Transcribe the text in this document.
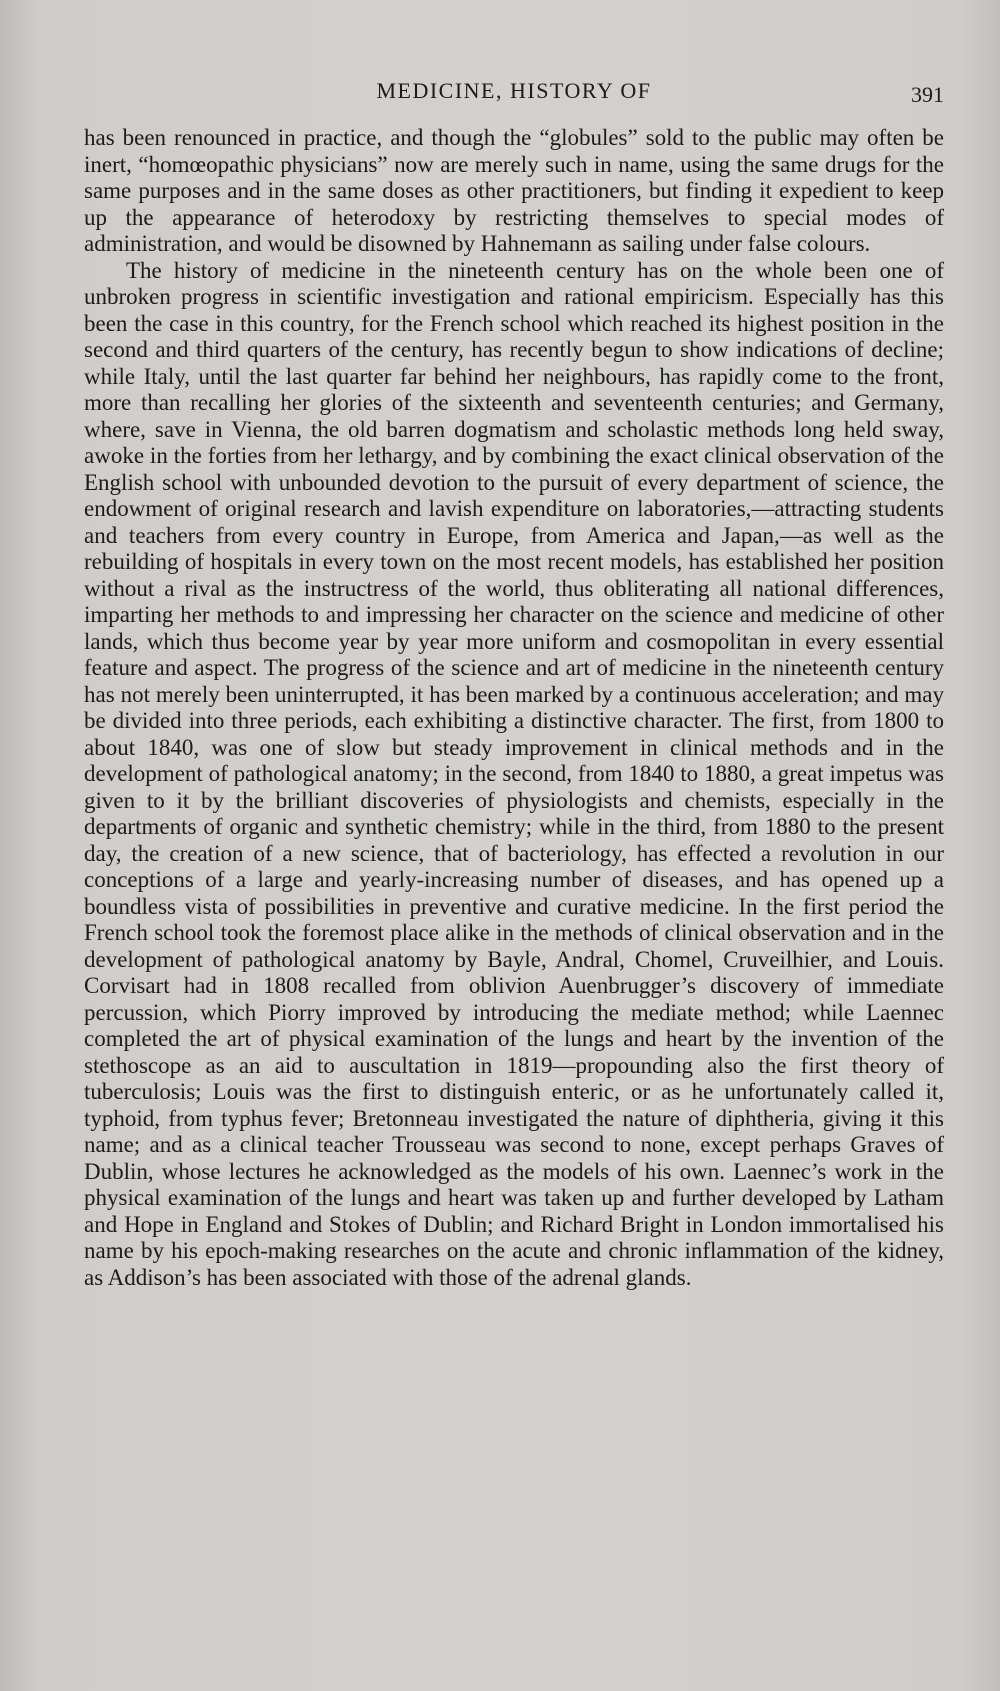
MEDICINE, HISTORY OF	391

has been renounced in practice, and though the “globules” sold to the public may often be inert, “homœopathic physicians” now are merely such in name, using the same drugs for the same purposes and in the same doses as other practitioners, but finding it expedient to keep up the appearance of heterodoxy by restricting themselves to special modes of administration, and would be disowned by Hahnemann as sailing under false colours.

The history of medicine in the nineteenth century has on the whole been one of unbroken progress in scientific investigation and rational empiricism. Especially has this been the case in this country, for the French school which reached its highest position in the second and third quarters of the century, has recently begun to show indications of decline; while Italy, until the last quarter far behind her neighbours, has rapidly come to the front, more than recalling her glories of the sixteenth and seventeenth centuries; and Germany, where, save in Vienna, the old barren dogmatism and scholastic methods long held sway, awoke in the forties from her lethargy, and by combining the exact clinical observation of the English school with unbounded devotion to the pursuit of every department of science, the endowment of original research and lavish expenditure on laboratories,—attracting students and teachers from every country in Europe, from America and Japan,—as well as the rebuilding of hospitals in every town on the most recent models, has established her position without a rival as the instructress of the world, thus obliterating all national differences, imparting her methods to and impressing her character on the science and medicine of other lands, which thus become year by year more uniform and cosmopolitan in every essential feature and aspect. The progress of the science and art of medicine in the nineteenth century has not merely been uninterrupted, it has been marked by a continuous acceleration; and may be divided into three periods, each exhibiting a distinctive character. The first, from 1800 to about 1840, was one of slow but steady improvement in clinical methods and in the development of pathological anatomy; in the second, from 1840 to 1880, a great impetus was given to it by the brilliant discoveries of physiologists and chemists, especially in the departments of organic and synthetic chemistry; while in the third, from 1880 to the present day, the creation of a new science, that of bacteriology, has effected a revolution in our conceptions of a large and yearly-increasing number of diseases, and has opened up a boundless vista of possibilities in preventive and curative medicine. In the first period the French school took the foremost place alike in the methods of clinical observation and in the development of pathological anatomy by Bayle, Andral, Chomel, Cruveilhier, and Louis. Corvisart had in 1808 recalled from oblivion Auenbrugger’s discovery of immediate percussion, which Piorry improved by introducing the mediate method; while Laennec completed the art of physical examination of the lungs and heart by the invention of the stethoscope as an aid to auscultation in 1819—propounding also the first theory of tuberculosis; Louis was the first to distinguish enteric, or as he unfortunately called it, typhoid, from typhus fever; Bretonneau investigated the nature of diphtheria, giving it this name; and as a clinical teacher Trousseau was second to none, except perhaps Graves of Dublin, whose lectures he acknowledged as the models of his own. Laennec’s work in the physical examination of the lungs and heart was taken up and further developed by Latham and Hope in England and Stokes of Dublin; and Richard Bright in London immortalised his name by his epoch-making researches on the acute and chronic inflammation of the kidney, as Addison’s has been associated with those of the adrenal glands.
